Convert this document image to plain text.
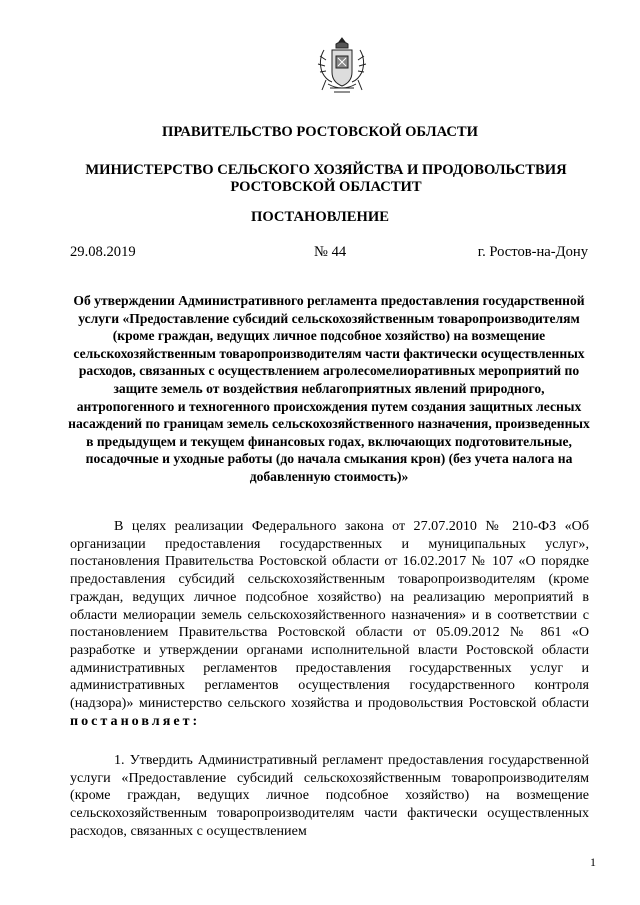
ПРАВИТЕЛЬСТВО РОСТОВСКОЙ ОБЛАСТИ
МИНИСТЕРСТВО СЕЛЬСКОГО ХОЗЯЙСТВА И ПРОДОВОЛЬСТВИЯ
РОСТОВСКОЙ ОБЛАСТИТ
ПОСТАНОВЛЕНИЕ
29.08.2019	№ 44	г. Ростов-на-Дону
Об утверждении Административного регламента предоставления государственной услуги «Предоставление субсидий сельскохозяйственным товаропроизводителям (кроме граждан, ведущих личное подсобное хозяйство) на возмещение сельскохозяйственным товаропроизводителям части фактически осуществленных расходов, связанных с осуществлением агролесомелиоративных мероприятий по защите земель от воздействия неблагоприятных явлений природного, антропогенного и техногенного происхождения путем создания защитных лесных насаждений по границам земель сельскохозяйственного назначения, произведенных в предыдущем и текущем финансовых годах, включающих подготовительные, посадочные и уходные работы (до начала смыкания крон) (без учета налога на добавленную стоимость)»
В целях реализации Федерального закона от 27.07.2010 № 210-ФЗ «Об организации предоставления государственных и муниципальных услуг», постановления Правительства Ростовской области от 16.02.2017 № 107 «О порядке предоставления субсидий сельскохозяйственным товаропроизводителям (кроме граждан, ведущих личное подсобное хозяйство) на реализацию мероприятий в области мелиорации земель сельскохозяйственного назначения» и в соответствии с постановлением Правительства Ростовской области от 05.09.2012 № 861 «О разработке и утверждении органами исполнительной власти Ростовской области административных регламентов предоставления государственных услуг и административных регламентов осуществления государственного контроля (надзора)» министерство сельского хозяйства и продовольствия Ростовской области постановляет:
1. Утвердить Административный регламент предоставления государственной услуги «Предоставление субсидий сельскохозяйственным товаропроизводителям (кроме граждан, ведущих личное подсобное хозяйство) на возмещение сельскохозяйственным товаропроизводителям части фактически осуществленных расходов, связанных с осуществлением
1
